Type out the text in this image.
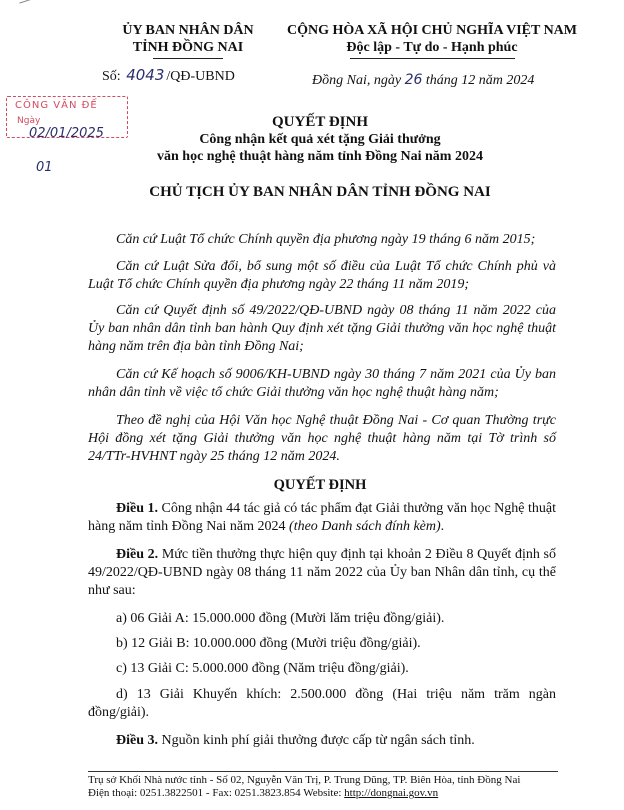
ỦY BAN NHÂN DÂN
TỈNH ĐỒNG NAI
CỘNG HÒA XÃ HỘI CHỦ NGHĨA VIỆT NAM
Độc lập - Tự do - Hạnh phúc
Số: 4043 /QĐ-UBND	Đồng Nai, ngày 26 tháng 12 năm 2024
CÔNG VĂN ĐẾ
Ngày 02/01/2025
01
QUYẾT ĐỊNH
Công nhận kết quả xét tặng Giải thưởng
văn học nghệ thuật hàng năm tỉnh Đồng Nai năm 2024
CHỦ TỊCH ỦY BAN NHÂN DÂN TỈNH ĐỒNG NAI
Căn cứ Luật Tổ chức Chính quyền địa phương ngày 19 tháng 6 năm 2015;
Căn cứ Luật Sửa đổi, bổ sung một số điều của Luật Tổ chức Chính phủ và Luật Tổ chức Chính quyền địa phương ngày 22 tháng 11 năm 2019;
Căn cứ Quyết định số 49/2022/QĐ-UBND ngày 08 tháng 11 năm 2022 của Ủy ban nhân dân tỉnh ban hành Quy định xét tặng Giải thưởng văn học nghệ thuật hàng năm trên địa bàn tỉnh Đồng Nai;
Căn cứ Kế hoạch số 9006/KH-UBND ngày 30 tháng 7 năm 2021 của Ủy ban nhân dân tỉnh về việc tổ chức Giải thưởng văn học nghệ thuật hàng năm;
Theo đề nghị của Hội Văn học Nghệ thuật Đồng Nai - Cơ quan Thường trực Hội đồng xét tặng Giải thưởng văn học nghệ thuật hàng năm tại Tờ trình số 24/TTr-HVHNT ngày 25 tháng 12 năm 2024.
QUYẾT ĐỊNH
Điều 1. Công nhận 44 tác giả có tác phẩm đạt Giải thưởng văn học Nghệ thuật hàng năm tỉnh Đồng Nai năm 2024 (theo Danh sách đính kèm).
Điều 2. Mức tiền thưởng thực hiện quy định tại khoản 2 Điều 8 Quyết định số 49/2022/QĐ-UBND ngày 08 tháng 11 năm 2022 của Ủy ban Nhân dân tỉnh, cụ thể như sau:
a) 06 Giải A: 15.000.000 đồng (Mười lăm triệu đồng/giải).
b) 12 Giải B: 10.000.000 đồng (Mười triệu đồng/giải).
c) 13 Giải C: 5.000.000 đồng (Năm triệu đồng/giải).
d) 13 Giải Khuyến khích: 2.500.000 đồng (Hai triệu năm trăm ngàn đồng/giải).
Điều 3. Nguồn kinh phí giải thưởng được cấp từ ngân sách tỉnh.
Trụ sở Khối Nhà nước tỉnh - Số 02, Nguyễn Văn Trị, P. Trung Dũng, TP. Biên Hòa, tỉnh Đồng Nai
Điện thoại: 0251.3822501 - Fax: 0251.3823.854 Website: http://dongnai.gov.vn
